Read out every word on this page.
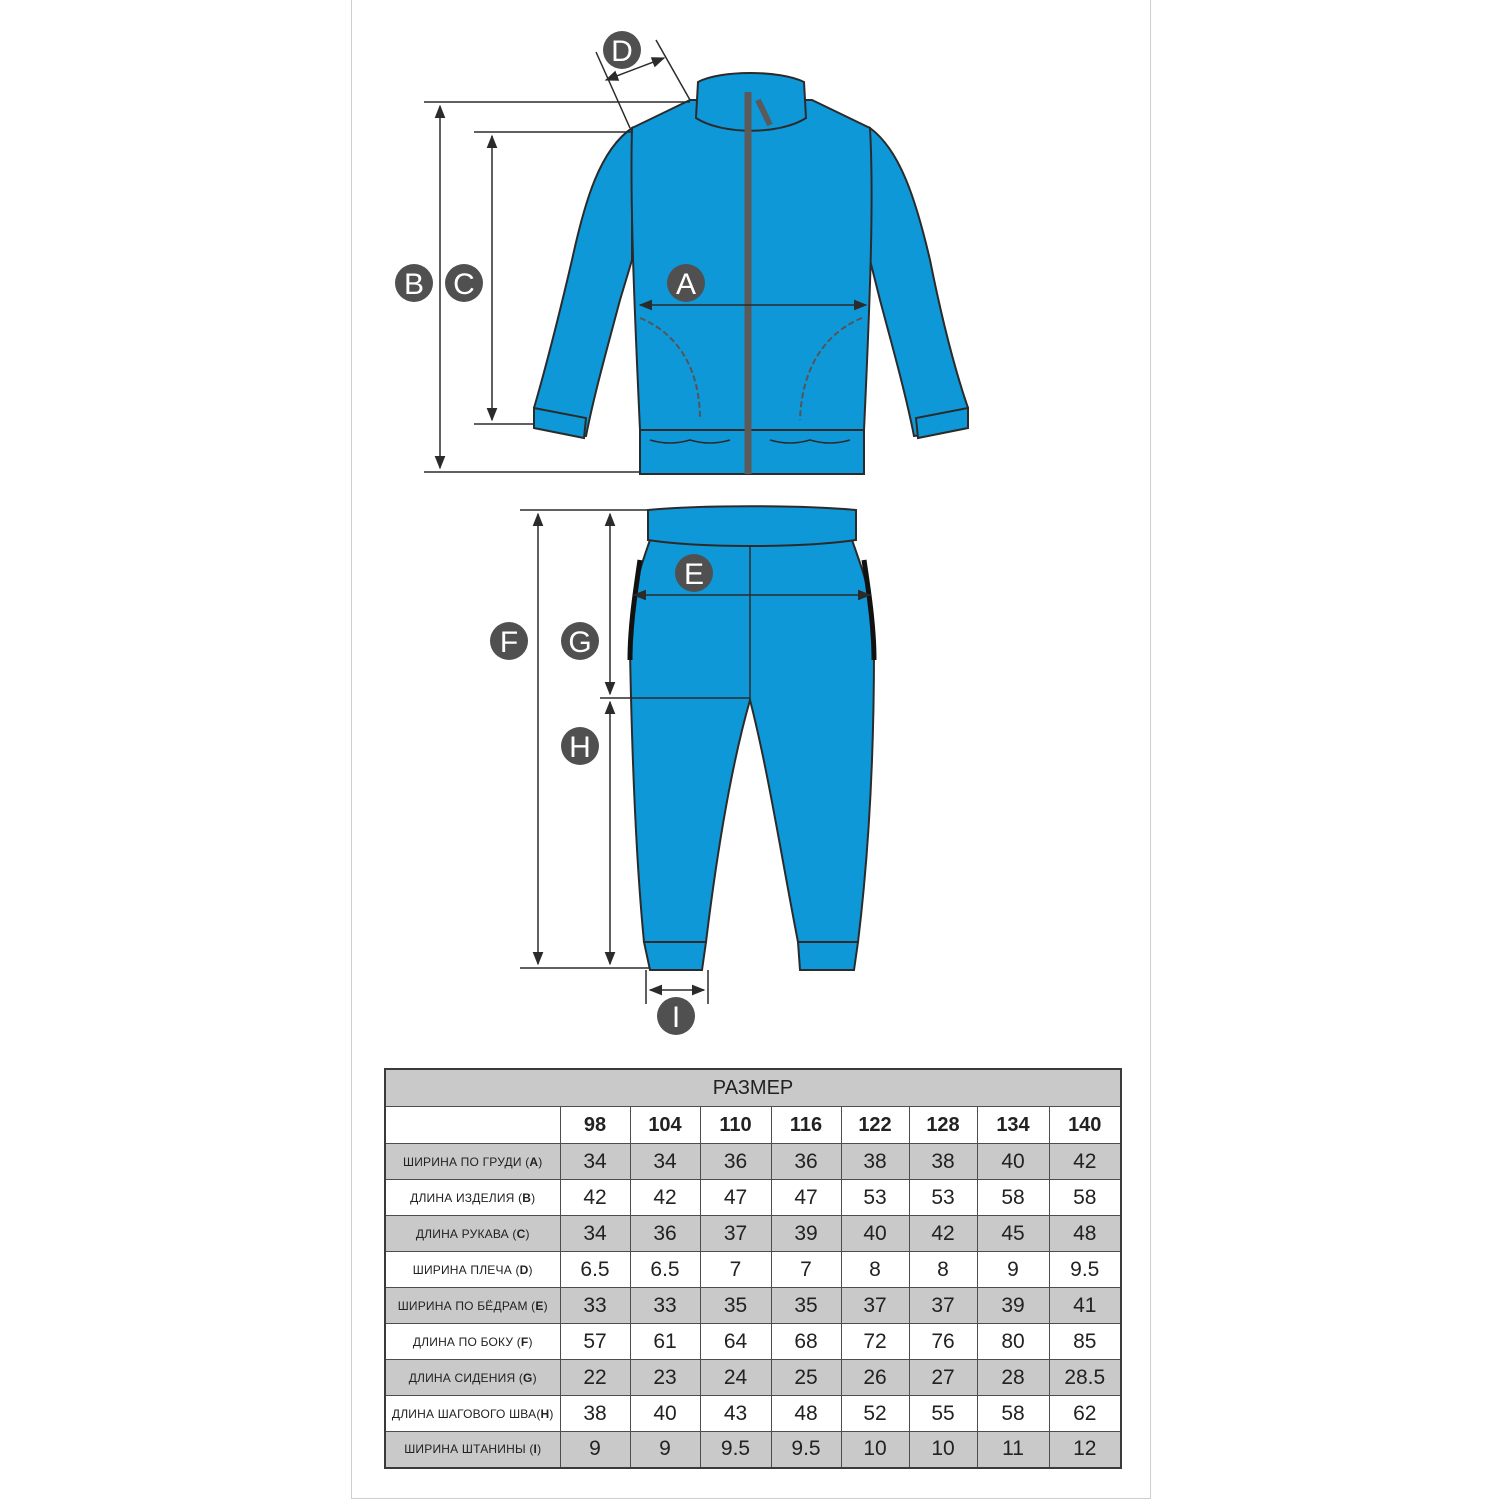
A
B C
D
E
F G
H
I
РАЗМЕР								
	98	104	110	116	122	128	134	140
ШИРИНА ПО ГРУДИ (A)	34	34	36	36	38	38	40	42
ДЛИНА ИЗДЕЛИЯ (B)	42	42	47	47	53	53	58	58
ДЛИНА РУКАВА (C)	34	36	37	39	40	42	45	48
ШИРИНА ПЛЕЧА (D)	6.5	6.5	7	7	8	8	9	9.5
ШИРИНА ПО БЁДРАМ (E)	33	33	35	35	37	37	39	41
ДЛИНА ПО БОКУ (F)	57	61	64	68	72	76	80	85
ДЛИНА СИДЕНИЯ (G)	22	23	24	25	26	27	28	28.5
ДЛИНА ШАГОВОГО ШВА(H)	38	40	43	48	52	55	58	62
ШИРИНА ШТАНИНЫ (I)	9	9	9.5	9.5	10	10	11	12
